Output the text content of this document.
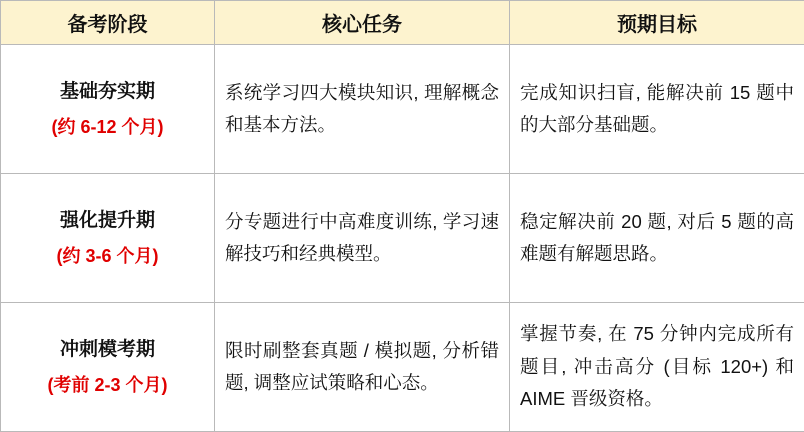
备考阶段	核心任务	预期目标

基础夯实期
(约 6-12 个月)	系统学习四大模块知识, 理解概念和基本方法。	完成知识扫盲, 能解决前 15 题中的大部分基础题。

强化提升期
(约 3-6 个月)	分专题进行中高难度训练, 学习速解技巧和经典模型。	稳定解决前 20 题, 对后 5 题的高难题有解题思路。

冲刺模考期
(考前 2-3 个月)	限时刷整套真题 / 模拟题, 分析错题, 调整应试策略和心态。	掌握节奏, 在 75 分钟内完成所有题目, 冲击高分 (目标 120+) 和 AIME 晋级资格。
